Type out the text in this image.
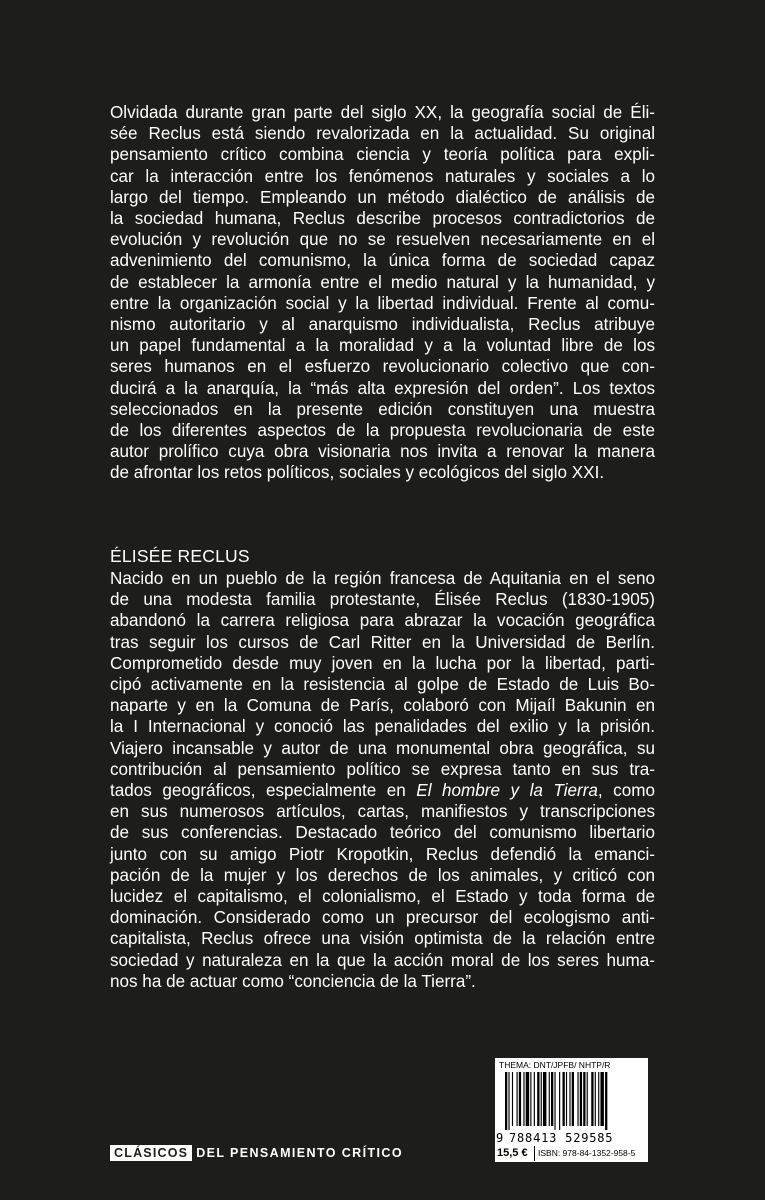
Olvidada durante gran parte del siglo XX, la geografía social de Éli-
sée Reclus está siendo revalorizada en la actualidad. Su original
pensamiento crítico combina ciencia y teoría política para expli-
car la interacción entre los fenómenos naturales y sociales a lo
largo del tiempo. Empleando un método dialéctico de análisis de
la sociedad humana, Reclus describe procesos contradictorios de
evolución y revolución que no se resuelven necesariamente en el
advenimiento del comunismo, la única forma de sociedad capaz
de establecer la armonía entre el medio natural y la humanidad, y
entre la organización social y la libertad individual. Frente al comu-
nismo autoritario y al anarquismo individualista, Reclus atribuye
un papel fundamental a la moralidad y a la voluntad libre de los
seres humanos en el esfuerzo revolucionario colectivo que con-
ducirá a la anarquía, la “más alta expresión del orden”. Los textos
seleccionados en la presente edición constituyen una muestra
de los diferentes aspectos de la propuesta revolucionaria de este
autor prolífico cuya obra visionaria nos invita a renovar la manera
de afrontar los retos políticos, sociales y ecológicos del siglo XXI.
ÉLISÉE RECLUS
Nacido en un pueblo de la región francesa de Aquitania en el seno
de una modesta familia protestante, Élisée Reclus (1830-1905)
abandonó la carrera religiosa para abrazar la vocación geográfica
tras seguir los cursos de Carl Ritter en la Universidad de Berlín.
Comprometido desde muy joven en la lucha por la libertad, parti-
cipó activamente en la resistencia al golpe de Estado de Luis Bo-
naparte y en la Comuna de París, colaboró con Mijaíl Bakunin en
la I Internacional y conoció las penalidades del exilio y la prisión.
Viajero incansable y autor de una monumental obra geográfica, su
contribución al pensamiento político se expresa tanto en sus tra-
tados geográficos, especialmente en El hombre y la Tierra, como
en sus numerosos artículos, cartas, manifiestos y transcripciones
de sus conferencias. Destacado teórico del comunismo libertario
junto con su amigo Piotr Kropotkin, Reclus defendió la emanci-
pación de la mujer y los derechos de los animales, y criticó con
lucidez el capitalismo, el colonialismo, el Estado y toda forma de
dominación. Considerado como un precursor del ecologismo anti-
capitalista, Reclus ofrece una visión optimista de la relación entre
sociedad y naturaleza en la que la acción moral de los seres huma-
nos ha de actuar como “conciencia de la Tierra”.
CLÁSICOS DEL PENSAMIENTO CRÍTICO
THEMA: DNT/JPFB/ NHTP/R
9 788413 529585
15,5 € ISBN: 978-84-1352-958-5
